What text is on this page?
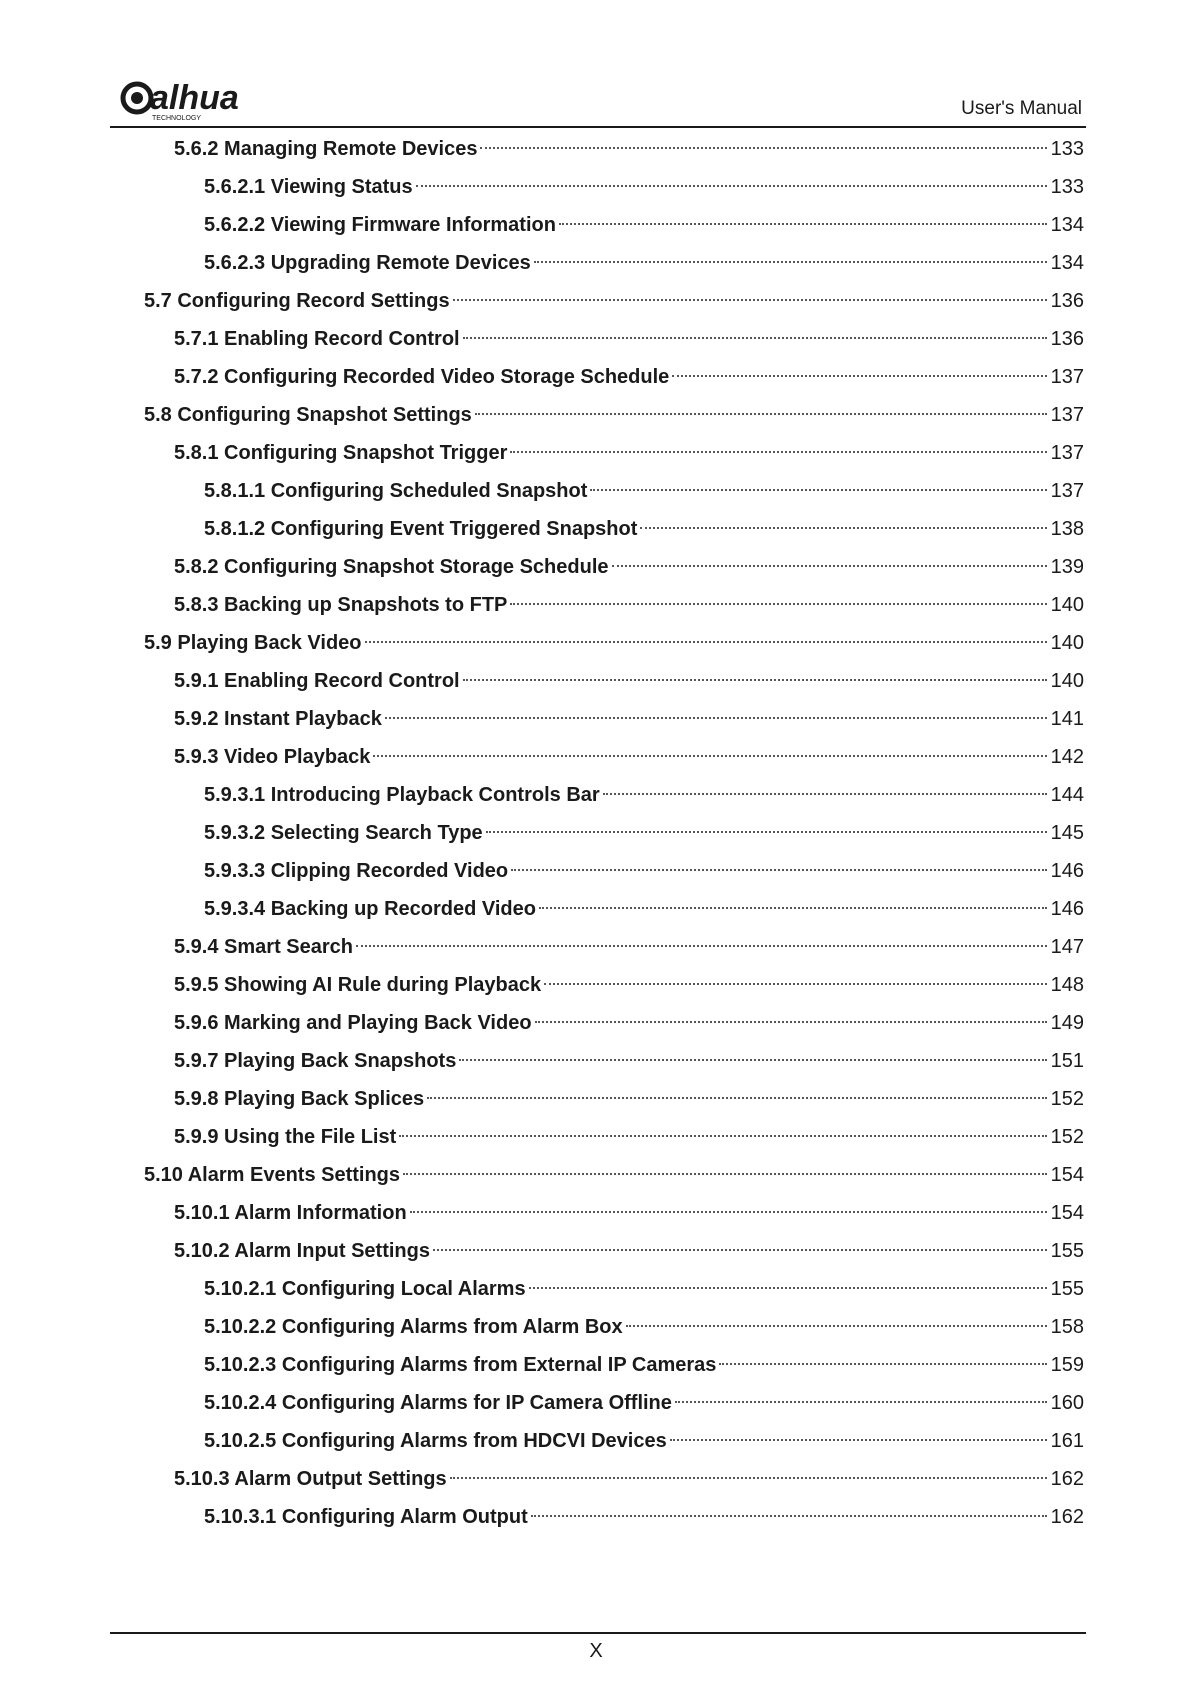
alhua
TECHNOLOGY	User's Manual
5.6.2 Managing Remote Devices	133
5.6.2.1 Viewing Status	133
5.6.2.2 Viewing Firmware Information	134
5.6.2.3 Upgrading Remote Devices	134
5.7 Configuring Record Settings	136
5.7.1 Enabling Record Control	136
5.7.2 Configuring Recorded Video Storage Schedule	137
5.8 Configuring Snapshot Settings	137
5.8.1 Configuring Snapshot Trigger	137
5.8.1.1 Configuring Scheduled Snapshot	137
5.8.1.2 Configuring Event Triggered Snapshot	138
5.8.2 Configuring Snapshot Storage Schedule	139
5.8.3 Backing up Snapshots to FTP	140
5.9 Playing Back Video	140
5.9.1 Enabling Record Control	140
5.9.2 Instant Playback	141
5.9.3 Video Playback	142
5.9.3.1 Introducing Playback Controls Bar	144
5.9.3.2 Selecting Search Type	145
5.9.3.3 Clipping Recorded Video	146
5.9.3.4 Backing up Recorded Video	146
5.9.4 Smart Search	147
5.9.5 Showing AI Rule during Playback	148
5.9.6 Marking and Playing Back Video	149
5.9.7 Playing Back Snapshots	151
5.9.8 Playing Back Splices	152
5.9.9 Using the File List	152
5.10 Alarm Events Settings	154
5.10.1 Alarm Information	154
5.10.2 Alarm Input Settings	155
5.10.2.1 Configuring Local Alarms	155
5.10.2.2 Configuring Alarms from Alarm Box	158
5.10.2.3 Configuring Alarms from External IP Cameras	159
5.10.2.4 Configuring Alarms for IP Camera Offline	160
5.10.2.5 Configuring Alarms from HDCVI Devices	161
5.10.3 Alarm Output Settings	162
5.10.3.1 Configuring Alarm Output	162
X
